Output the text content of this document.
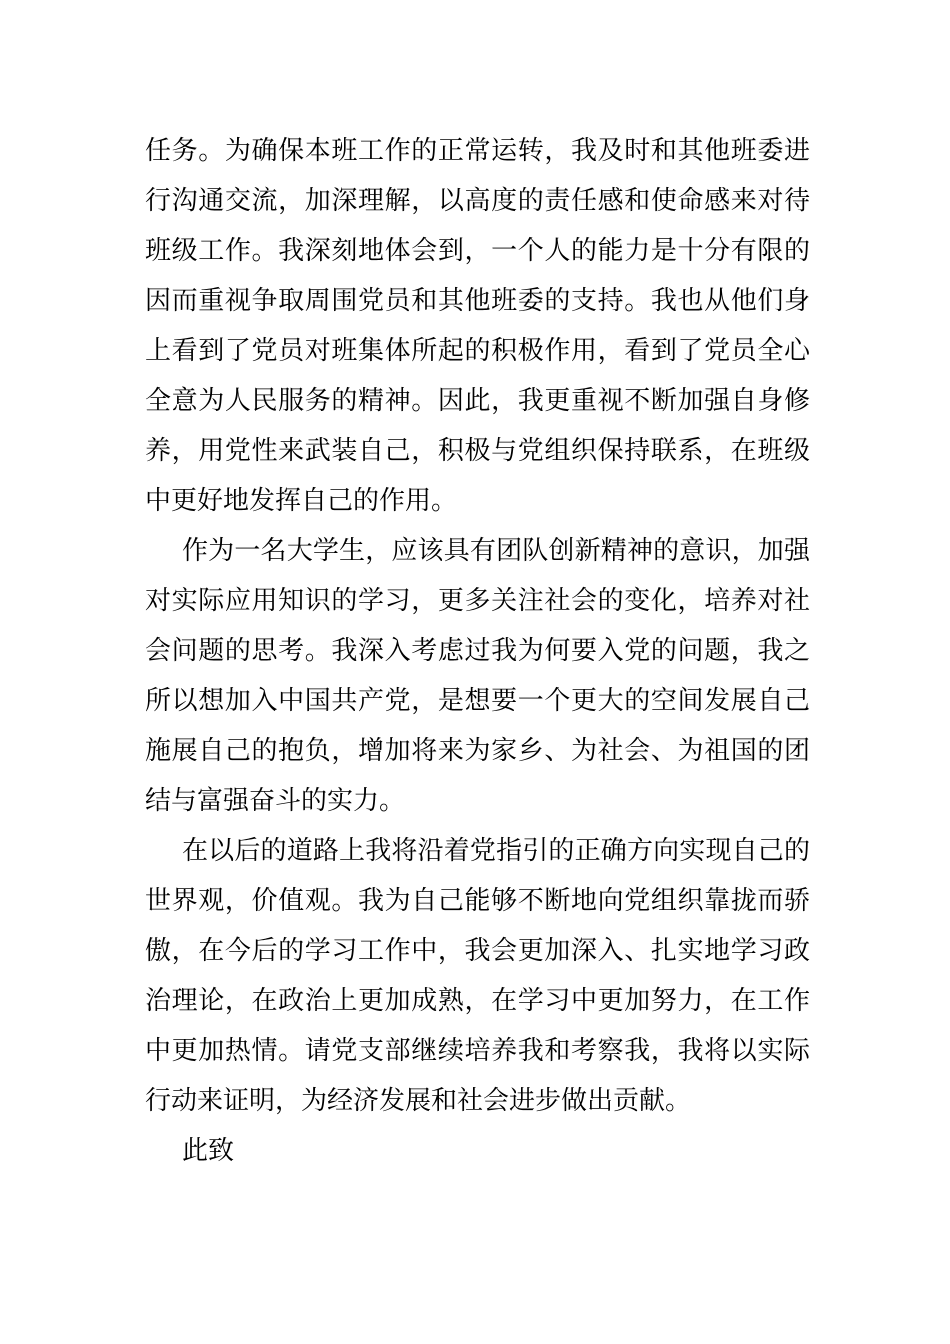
任务。为确保本班工作的正常运转，我及时和其他班委进
行沟通交流，加深理解，以高度的责任感和使命感来对待
班级工作。我深刻地体会到，一个人的能力是十分有限的
因而重视争取周围党员和其他班委的支持。我也从他们身
上看到了党员对班集体所起的积极作用，看到了党员全心
全意为人民服务的精神。因此，我更重视不断加强自身修
养，用党性来武装自己，积极与党组织保持联系，在班级
中更好地发挥自己的作用。
作为一名大学生，应该具有团队创新精神的意识，加强
对实际应用知识的学习，更多关注社会的变化，培养对社
会问题的思考。我深入考虑过我为何要入党的问题，我之
所以想加入中国共产党，是想要一个更大的空间发展自己
施展自己的抱负，增加将来为家乡、为社会、为祖国的团
结与富强奋斗的实力。
在以后的道路上我将沿着党指引的正确方向实现自己的
世界观，价值观。我为自己能够不断地向党组织靠拢而骄
傲，在今后的学习工作中，我会更加深入、扎实地学习政
治理论，在政治上更加成熟，在学习中更加努力，在工作
中更加热情。请党支部继续培养我和考察我，我将以实际
行动来证明，为经济发展和社会进步做出贡献。
此致
